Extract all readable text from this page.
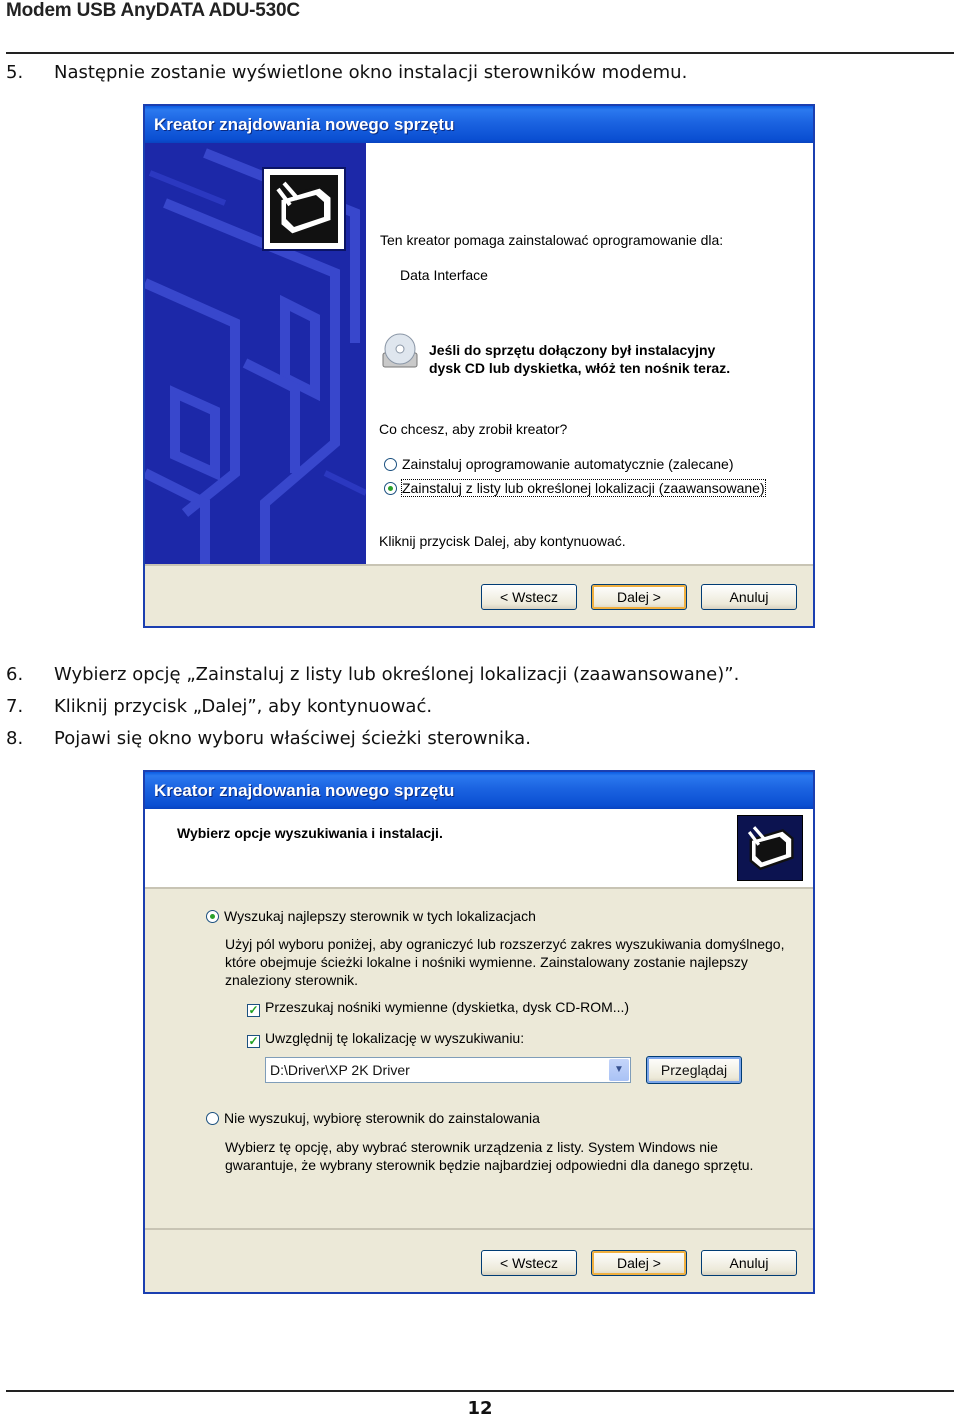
Modem USB AnyDATA ADU-530C
5. Następnie zostanie wyświetlone okno instalacji sterowników modemu.
Kreator znajdowania nowego sprzętu
Ten kreator pomaga zainstalować oprogramowanie dla:
Data Interface
Jeśli do sprzętu dołączony był instalacyjny
dysk CD lub dyskietka, włóż ten nośnik teraz.
Co chcesz, aby zrobił kreator?
Zainstaluj oprogramowanie automatycznie (zalecane)
Zainstaluj z listy lub określonej lokalizacji (zaawansowane)
Kliknij przycisk Dalej, aby kontynuować.
< Wstecz	Dalej >	Anuluj
6. Wybierz opcję „Zainstaluj z listy lub określonej lokalizacji (zaawansowane)”.
7. Kliknij przycisk „Dalej”, aby kontynuować.
8. Pojawi się okno wyboru właściwej ścieżki sterownika.
Kreator znajdowania nowego sprzętu
Wybierz opcje wyszukiwania i instalacji.
Wyszukaj najlepszy sterownik w tych lokalizacjach
Użyj pól wyboru poniżej, aby ograniczyć lub rozszerzyć zakres wyszukiwania domyślnego,
które obejmuje ścieżki lokalne i nośniki wymienne. Zainstalowany zostanie najlepszy
znaleziony sterownik.
✓ Przeszukaj nośniki wymienne (dyskietka, dysk CD-ROM...)
✓ Uwzględnij tę lokalizację w wyszukiwaniu:
D:\Driver\XP 2K Driver	▼	Przeglądaj
Nie wyszukuj, wybiorę sterownik do zainstalowania
Wybierz tę opcję, aby wybrać sterownik urządzenia z listy. System Windows nie
gwarantuje, że wybrany sterownik będzie najbardziej odpowiedni dla danego sprzętu.
< Wstecz	Dalej >	Anuluj
12
